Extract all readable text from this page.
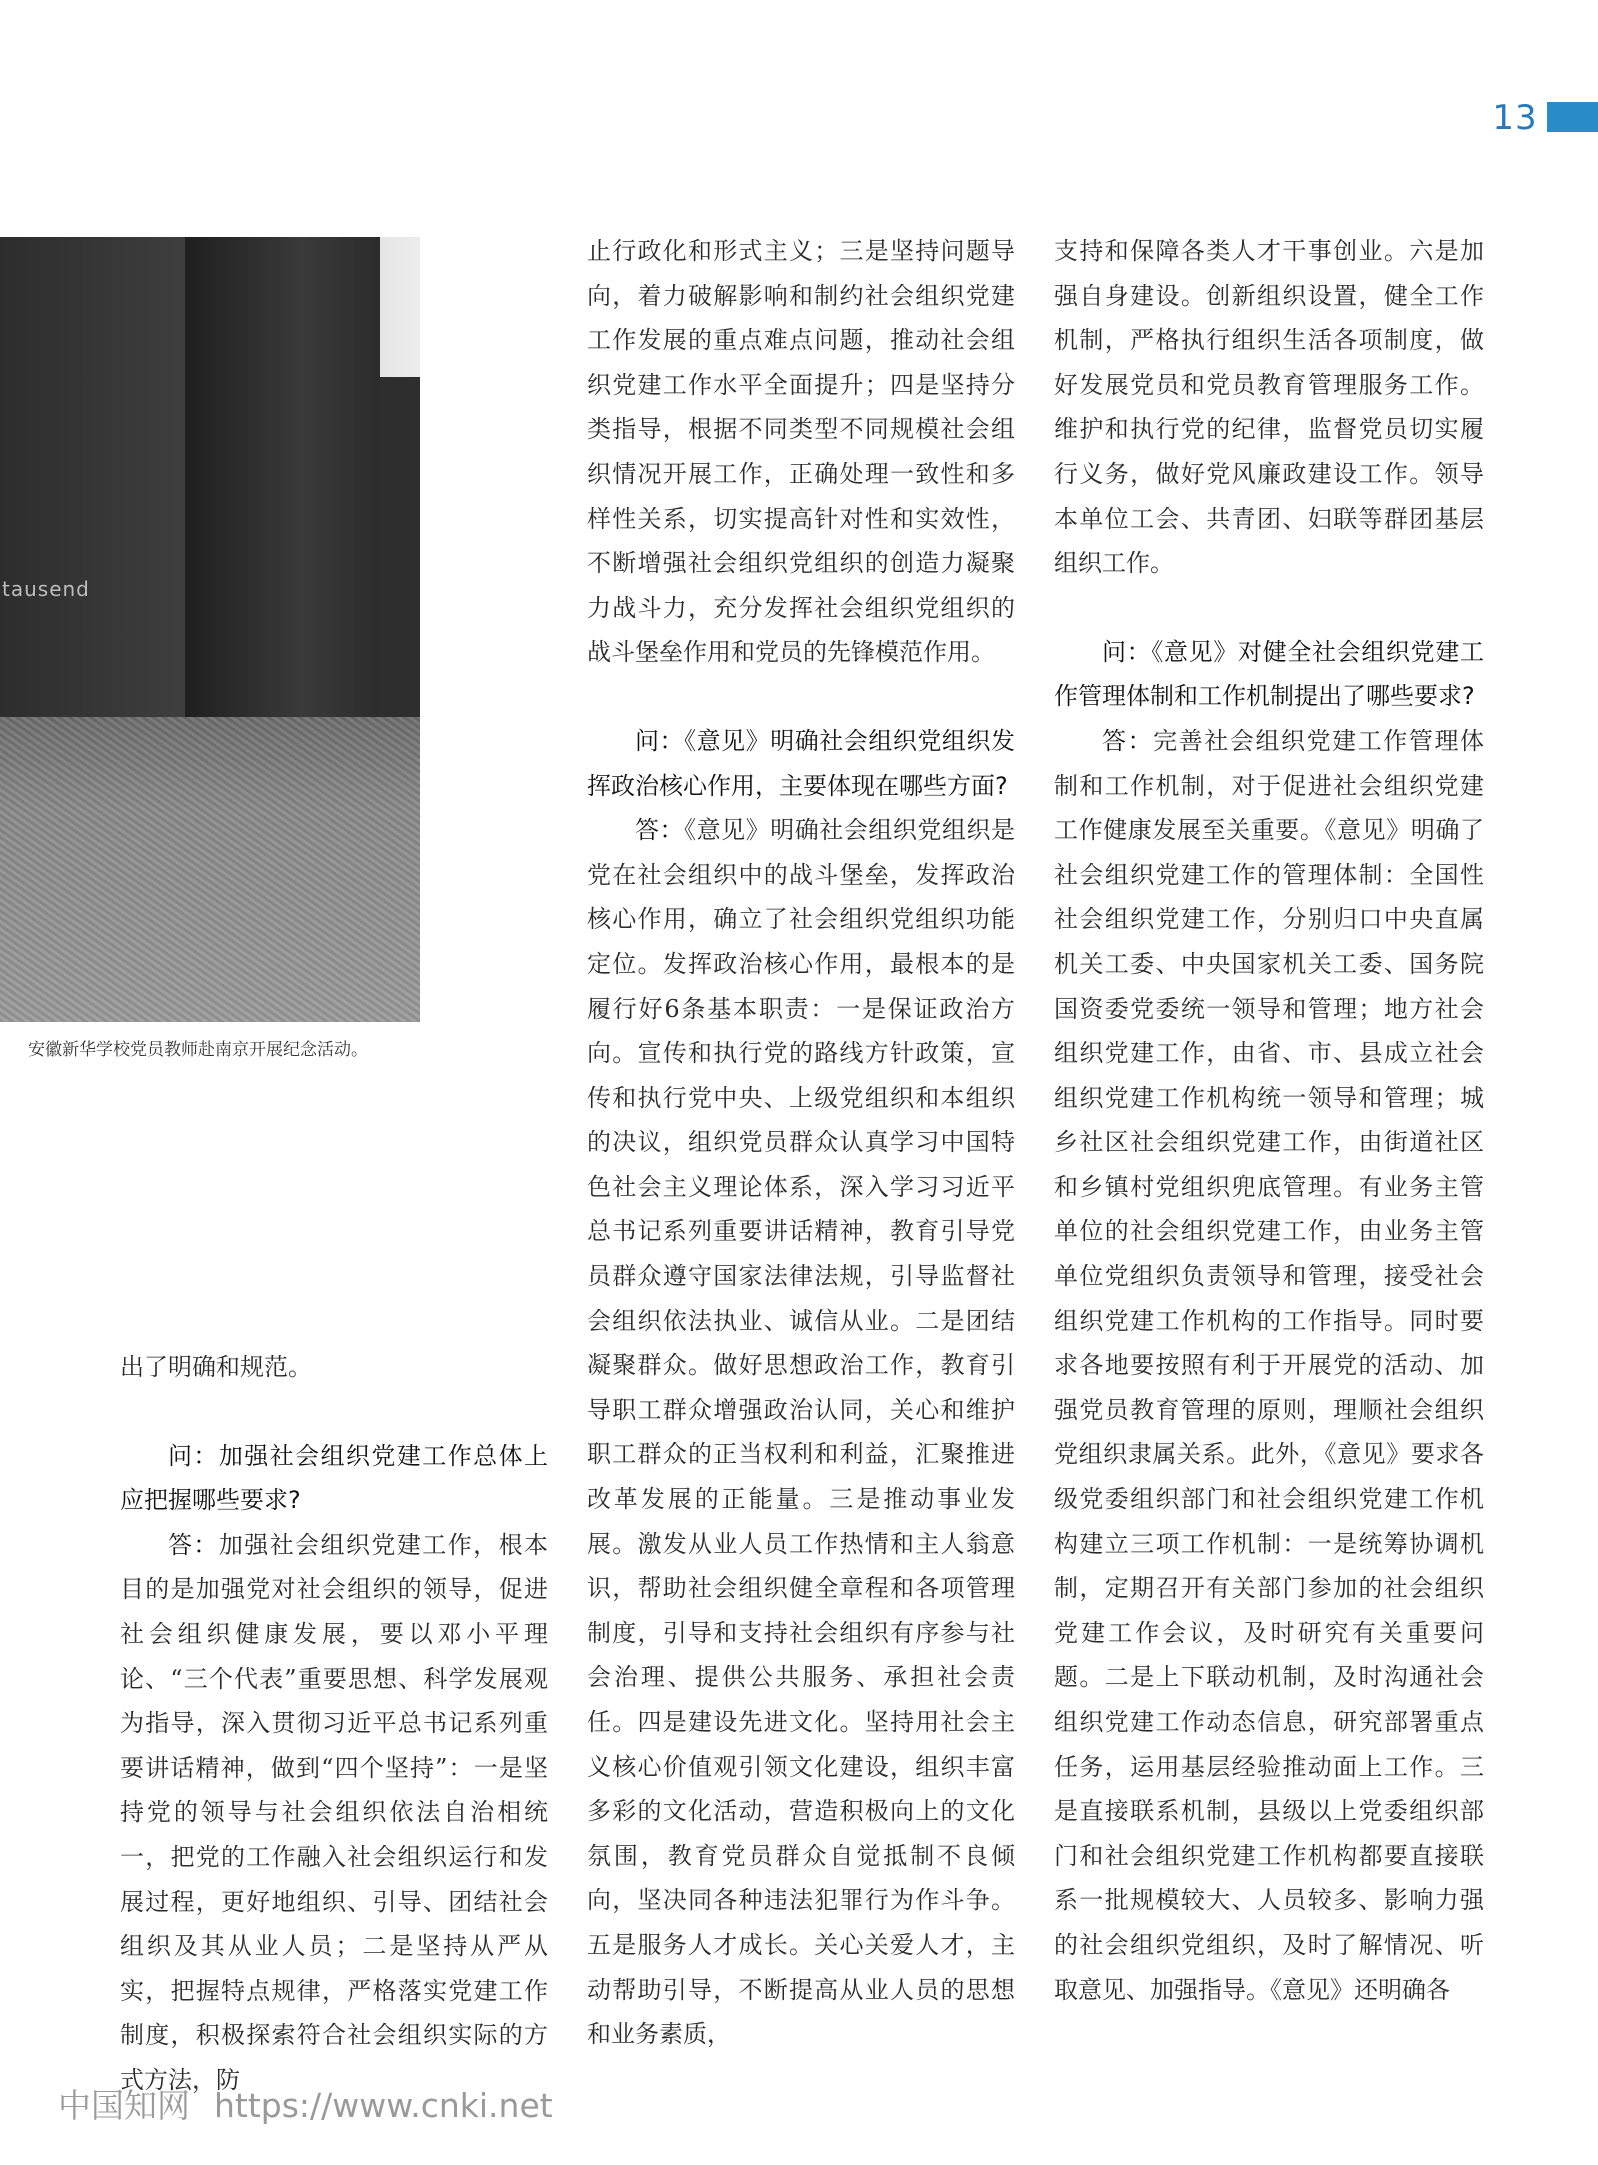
13
tausend
安徽新华学校党员教师赴南京开展纪念活动。

出了明确和规范。

问：加强社会组织党建工作总体上应把握哪些要求?

答：加强社会组织党建工作，根本目的是加强党对社会组织的领导，促进社会组织健康发展，要以邓小平理论、“三个代表”重要思想、科学发展观为指导，深入贯彻习近平总书记系列重要讲话精神，做到“四个坚持”：一是坚持党的领导与社会组织依法自治相统一，把党的工作融入社会组织运行和发展过程，更好地组织、引导、团结社会组织及其从业人员；二是坚持从严从实，把握特点规律，严格落实党建工作制度，积极探索符合社会组织实际的方式方法，防

止行政化和形式主义；三是坚持问题导向，着力破解影响和制约社会组织党建工作发展的重点难点问题，推动社会组织党建工作水平全面提升；四是坚持分类指导，根据不同类型不同规模社会组织情况开展工作，正确处理一致性和多样性关系，切实提高针对性和实效性，不断增强社会组织党组织的创造力凝聚力战斗力，充分发挥社会组织党组织的战斗堡垒作用和党员的先锋模范作用。

问：《意见》明确社会组织党组织发挥政治核心作用，主要体现在哪些方面?

答：《意见》明确社会组织党组织是党在社会组织中的战斗堡垒，发挥政治核心作用，确立了社会组织党组织功能定位。发挥政治核心作用，最根本的是履行好6条基本职责：一是保证政治方向。宣传和执行党的路线方针政策，宣传和执行党中央、上级党组织和本组织的决议，组织党员群众认真学习中国特色社会主义理论体系，深入学习习近平总书记系列重要讲话精神，教育引导党员群众遵守国家法律法规，引导监督社会组织依法执业、诚信从业。二是团结凝聚群众。做好思想政治工作，教育引导职工群众增强政治认同，关心和维护职工群众的正当权利和利益，汇聚推进改革发展的正能量。三是推动事业发展。激发从业人员工作热情和主人翁意识，帮助社会组织健全章程和各项管理制度，引导和支持社会组织有序参与社会治理、提供公共服务、承担社会责任。四是建设先进文化。坚持用社会主义核心价值观引领文化建设，组织丰富多彩的文化活动，营造积极向上的文化氛围，教育党员群众自觉抵制不良倾向，坚决同各种违法犯罪行为作斗争。五是服务人才成长。关心关爱人才，主动帮助引导，不断提高从业人员的思想和业务素质，

支持和保障各类人才干事创业。六是加强自身建设。创新组织设置，健全工作机制，严格执行组织生活各项制度，做好发展党员和党员教育管理服务工作。维护和执行党的纪律，监督党员切实履行义务，做好党风廉政建设工作。领导本单位工会、共青团、妇联等群团基层组织工作。

问：《意见》对健全社会组织党建工作管理体制和工作机制提出了哪些要求?

答：完善社会组织党建工作管理体制和工作机制，对于促进社会组织党建工作健康发展至关重要。《意见》明确了社会组织党建工作的管理体制：全国性社会组织党建工作，分别归口中央直属机关工委、中央国家机关工委、国务院国资委党委统一领导和管理；地方社会组织党建工作，由省、市、县成立社会组织党建工作机构统一领导和管理；城乡社区社会组织党建工作，由街道社区和乡镇村党组织兜底管理。有业务主管单位的社会组织党建工作，由业务主管单位党组织负责领导和管理，接受社会组织党建工作机构的工作指导。同时要求各地要按照有利于开展党的活动、加强党员教育管理的原则，理顺社会组织党组织隶属关系。此外，《意见》要求各级党委组织部门和社会组织党建工作机构建立三项工作机制：一是统筹协调机制，定期召开有关部门参加的社会组织党建工作会议，及时研究有关重要问题。二是上下联动机制，及时沟通社会组织党建工作动态信息，研究部署重点任务，运用基层经验推动面上工作。三是直接联系机制，县级以上党委组织部门和社会组织党建工作机构都要直接联系一批规模较大、人员较多、影响力强的社会组织党组织，及时了解情况、听取意见、加强指导。《意见》还明确各

中国知网 https://www.cnki.net
